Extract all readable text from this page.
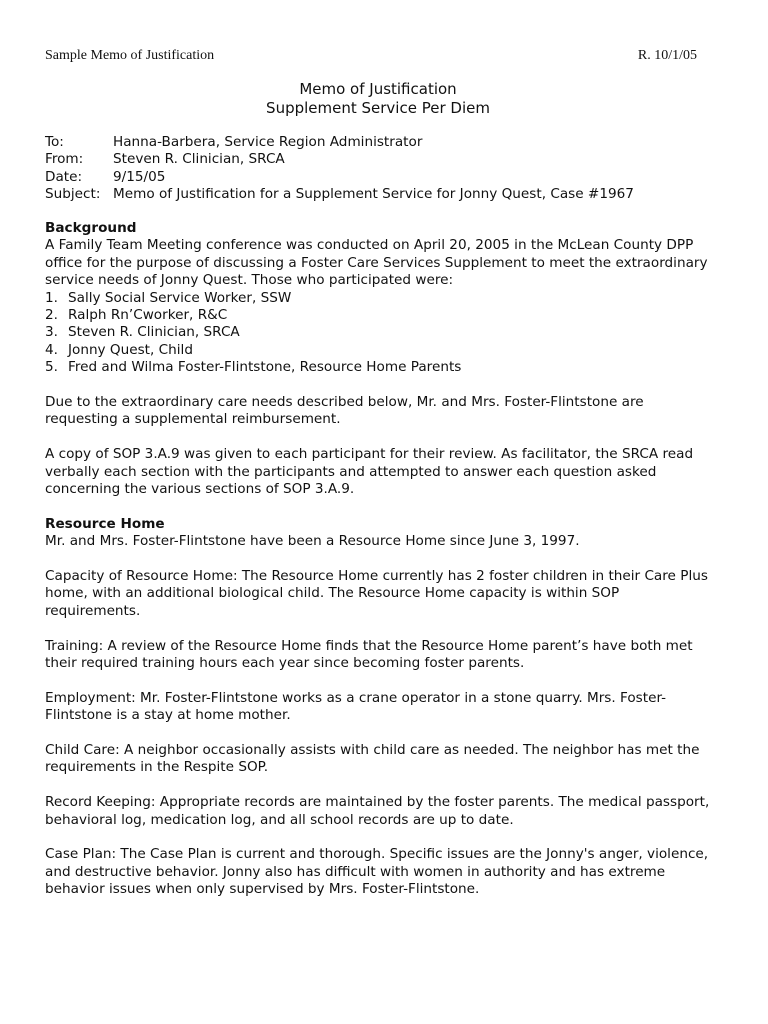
Sample Memo of Justification	R. 10/1/05
Memo of Justification
Supplement Service Per Diem
To:	Hanna-Barbera, Service Region Administrator
From:	Steven R. Clinician, SRCA
Date:	9/15/05
Subject: Memo of Justification for a Supplement Service for Jonny Quest, Case #1967
Background

A Family Team Meeting conference was conducted on April 20, 2005 in the McLean County DPP office for the purpose of discussing a Foster Care Services Supplement to meet the extraordinary service needs of Jonny Quest. Those who participated were:

1. Sally Social Service Worker, SSW
2. Ralph Rn’Cworker, R&C
3. Steven R. Clinician, SRCA
4. Jonny Quest, Child
5. Fred and Wilma Foster-Flintstone, Resource Home Parents

Due to the extraordinary care needs described below, Mr. and Mrs. Foster-Flintstone are requesting a supplemental reimbursement.

A copy of SOP 3.A.9 was given to each participant for their review. As facilitator, the SRCA read verbally each section with the participants and attempted to answer each question asked concerning the various sections of SOP 3.A.9.

Resource Home

Mr. and Mrs. Foster-Flintstone have been a Resource Home since June 3, 1997.

Capacity of Resource Home: The Resource Home currently has 2 foster children in their Care Plus home, with an additional biological child. The Resource Home capacity is within SOP requirements.

Training: A review of the Resource Home finds that the Resource Home parent’s have both met their required training hours each year since becoming foster parents.

Employment: Mr. Foster-Flintstone works as a crane operator in a stone quarry. Mrs. Foster-Flintstone is a stay at home mother.

Child Care: A neighbor occasionally assists with child care as needed. The neighbor has met the requirements in the Respite SOP.

Record Keeping: Appropriate records are maintained by the foster parents. The medical passport, behavioral log, medication log, and all school records are up to date.

Case Plan: The Case Plan is current and thorough. Specific issues are the Jonny's anger, violence, and destructive behavior. Jonny also has difficult with women in authority and has extreme behavior issues when only supervised by Mrs. Foster-Flintstone.
